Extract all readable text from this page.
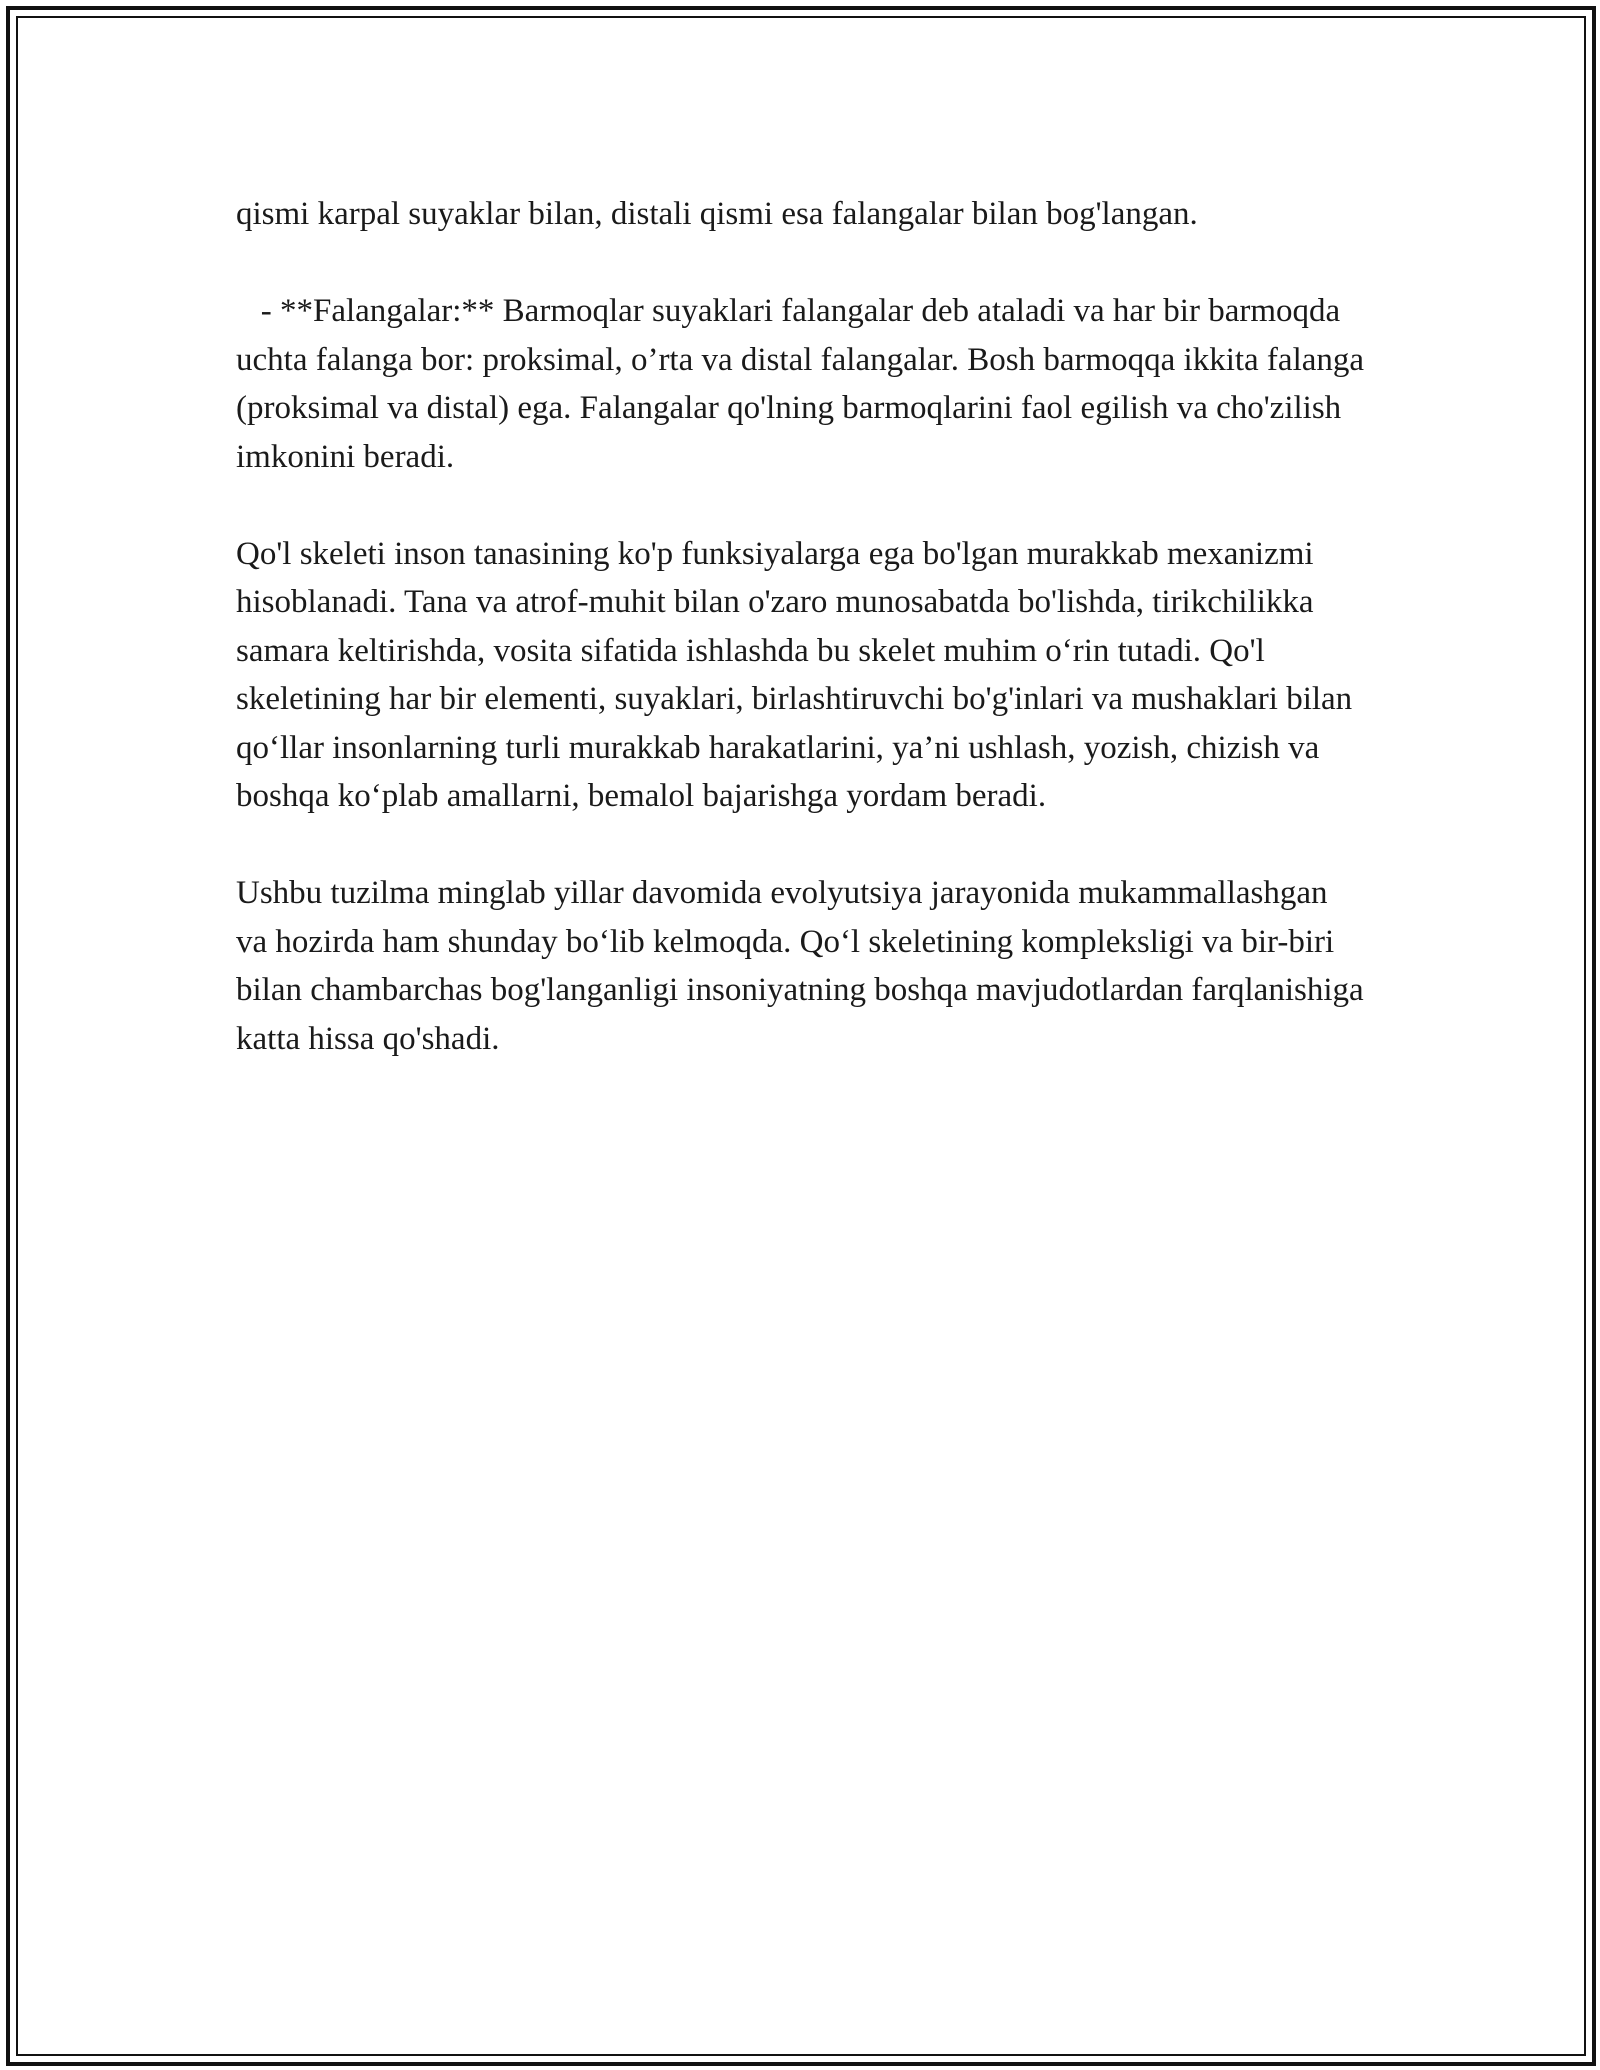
qismi karpal suyaklar bilan, distali qismi esa falangalar bilan bog'langan.

- **Falangalar:** Barmoqlar suyaklari falangalar deb ataladi va har bir barmoqda uchta falanga bor: proksimal, o’rta va distal falangalar. Bosh barmoqqa ikkita falanga (proksimal va distal) ega. Falangalar qo'lning barmoqlarini faol egilish va cho'zilish imkonini beradi.

Qo'l skeleti inson tanasining ko'p funksiyalarga ega bo'lgan murakkab mexanizmi hisoblanadi. Tana va atrof-muhit bilan o'zaro munosabatda bo'lishda, tirikchilikka samara keltirishda, vosita sifatida ishlashda bu skelet muhim o‘rin tutadi. Qo'l skeletining har bir elementi, suyaklari, birlashtiruvchi bo'g'inlari va mushaklari bilan qo‘llar insonlarning turli murakkab harakatlarini, ya’ni ushlash, yozish, chizish va boshqa ko‘plab amallarni, bemalol bajarishga yordam beradi.

Ushbu tuzilma minglab yillar davomida evolyutsiya jarayonida mukammallashgan va hozirda ham shunday bo‘lib kelmoqda. Qo‘l skeletining kompleksligi va bir-biri bilan chambarchas bog'langanligi insoniyatning boshqa mavjudotlardan farqlanishiga katta hissa qo'shadi.
